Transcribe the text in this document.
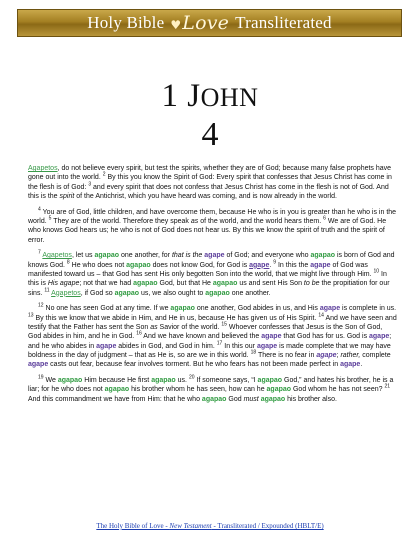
Holy Bible ♥Love Transliterated
1 JOHN
4

Agapetos, do not believe every spirit, but test the spirits, whether they are of God; because many false prophets have gone out into the world. $^2$ By this you know the Spirit of God: Every spirit that confesses that Jesus Christ has come in the flesh is of God: $^3$ and every spirit that does not confess that Jesus Christ has come in the flesh is not of God. And this is the spirit of the Antichrist, which you have heard was coming, and is now already in the world.

$^4$ You are of God, little children, and have overcome them, because He who is in you is greater than he who is in the world. $^5$ They are of the world. Therefore they speak as of the world, and the world hears them. $^6$ We are of God. He who knows God hears us; he who is not of God does not hear us. By this we know the spirit of truth and the spirit of error.

$^7$ Agapetos, let us agapao one another, for that is the agape of God; and everyone who agapao is born of God and knows God. $^8$ He who does not agapao does not know God, for God is agape. $^9$ In this the agape of God was manifested toward us – that God has sent His only begotten Son into the world, that we might live through Him. $^{10}$ In this is His agape; not that we had agapao God, but that He agapao us and sent His Son to be the propitiation for our sins. $^{11}$ Agapetos, if God so agapao us, we also ought to agapao one another.

$^{12}$ No one has seen God at any time. If we agapao one another, God abides in us, and His agape is complete in us. $^{13}$ By this we know that we abide in Him, and He in us, because He has given us of His Spirit. $^{14}$ And we have seen and testify that the Father has sent the Son as Savior of the world. $^{15}$ Whoever confesses that Jesus is the Son of God, God abides in him, and he in God. $^{16}$ And we have known and believed the agape that God has for us. God is agape; and he who abides in agape abides in God, and God in him. $^{17}$ In this our agape is made complete that we may have boldness in the day of judgment – that as He is, so are we in this world. $^{18}$ There is no fear in agape; rather, complete agape casts out fear, because fear involves torment. But he who fears has not been made perfect in agape.

$^{19}$ We agapao Him because He first agapao us. $^{20}$ If someone says, “I agapao God,” and hates his brother, he is a liar; for he who does not agapao his brother whom he has seen, how can he agapao God whom he has not seen? $^{21}$ And this commandment we have from Him: that he who agapao God must agapao his brother also.

The Holy Bible of Love - New Testament - Transliterated / Expounded (HBLT/E)
